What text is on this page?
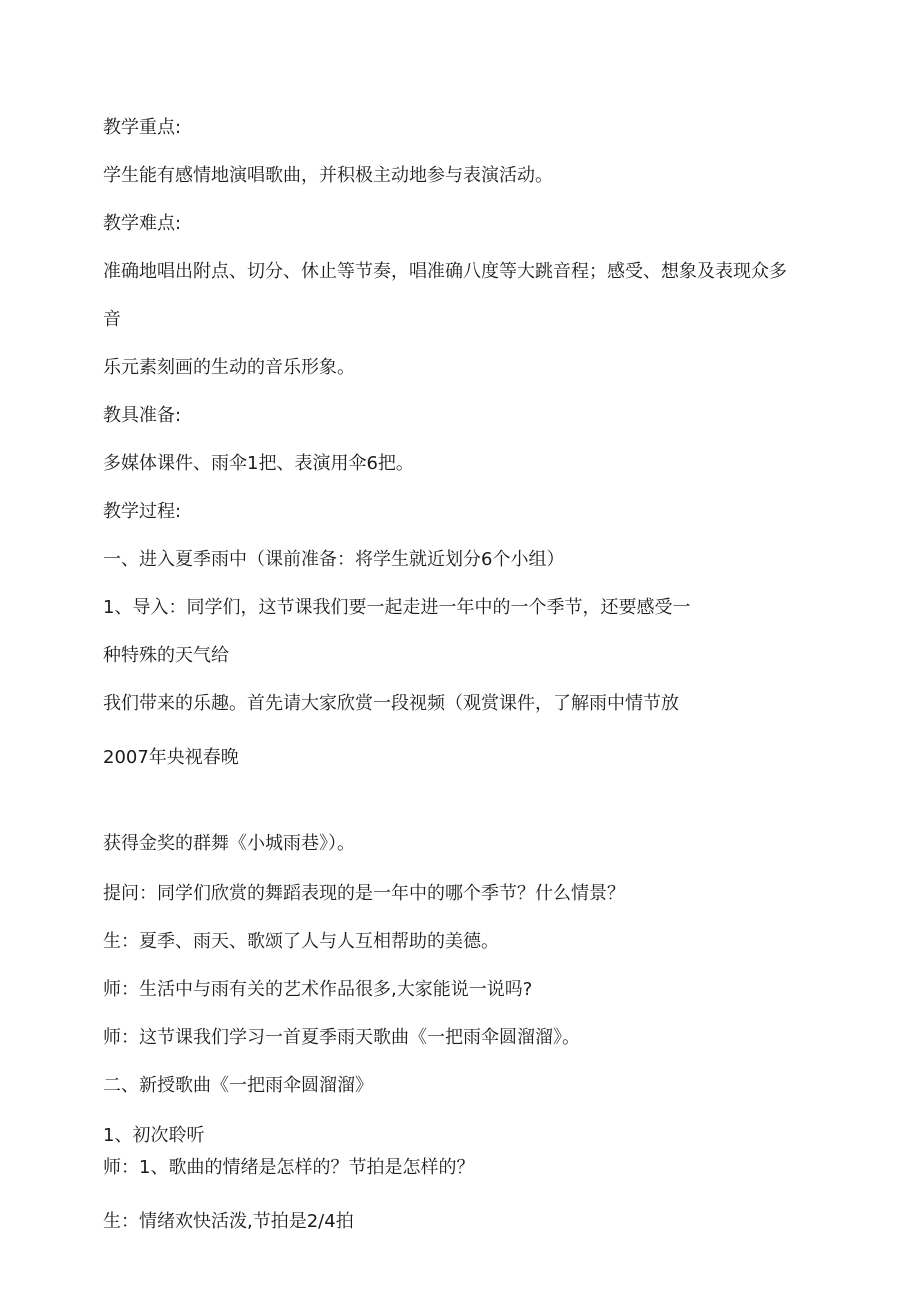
教学重点:
学生能有感情地演唱歌曲，并积极主动地参与表演活动。
教学难点:
准确地唱出附点、切分、休止等节奏，唱准确八度等大跳音程；感受、想象及表现众多
音
乐元素刻画的生动的音乐形象。
教具准备:
多媒体课件、雨伞1把、表演用伞6把。
教学过程:
一、进入夏季雨中（课前准备：将学生就近划分6个小组）
1、导入：同学们，这节课我们要一起走进一年中的一个季节，还要感受一
种特殊的天气给
我们带来的乐趣。首先请大家欣赏一段视频（观赏课件，了解雨中情节放
2007年央视春晚
获得金奖的群舞《小城雨巷》）。
提问：同学们欣赏的舞蹈表现的是一年中的哪个季节？什么情景？
生：夏季、雨天、歌颂了人与人互相帮助的美德。
师：生活中与雨有关的艺术作品很多,大家能说一说吗?
师：这节课我们学习一首夏季雨天歌曲《一把雨伞圆溜溜》。
二、新授歌曲《一把雨伞圆溜溜》
1、初次聆听
师：1、歌曲的情绪是怎样的？节拍是怎样的？
生：情绪欢快活泼,节拍是2/4拍
